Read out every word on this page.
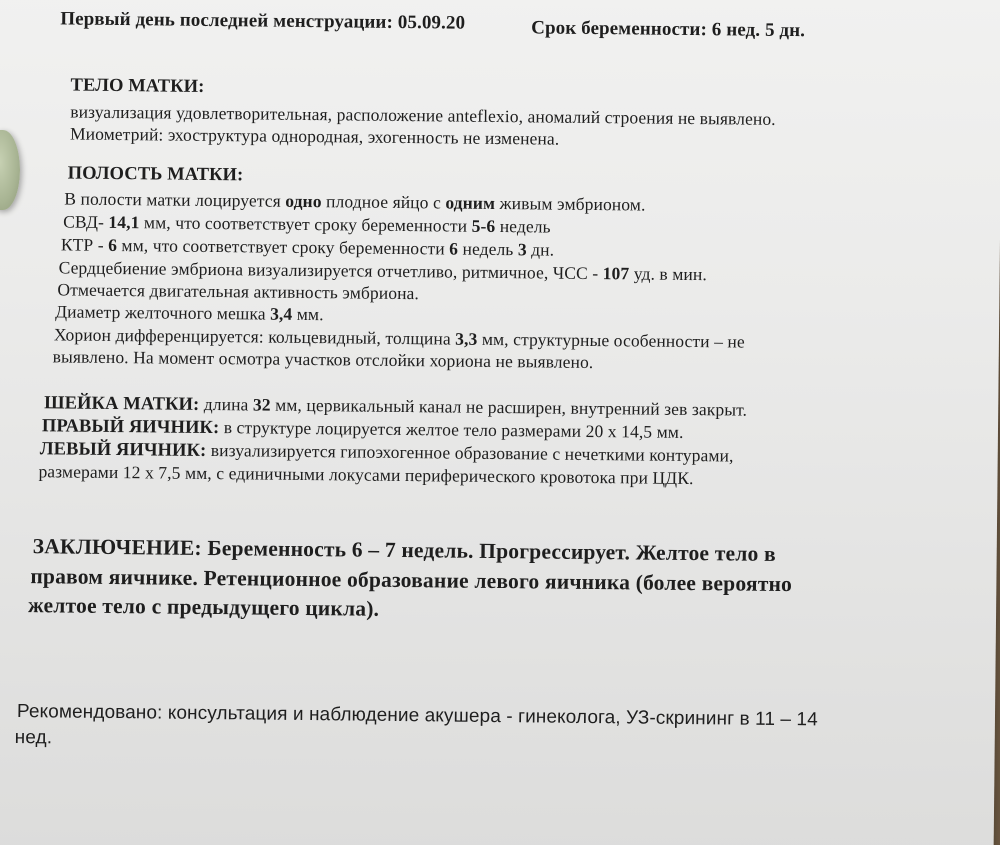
Первый день последней менструации: 05.09.20	Срок беременности: 6 нед. 5 дн.
ТЕЛО МАТКИ:
визуализация удовлетворительная, расположение anteflexio, аномалий строения не выявлено.
Миометрий: эхоструктура однородная, эхогенность не изменена.
ПОЛОСТЬ МАТКИ:
В полости матки лоцируется одно плодное яйцо с одним живым эмбрионом.
СВД- 14,1 мм, что соответствует сроку беременности 5-6 недель
КТР - 6 мм, что соответствует сроку беременности 6 недель 3 дн.
Сердцебиение эмбриона визуализируется отчетливо, ритмичное, ЧСС - 107 уд. в мин.
Отмечается двигательная активность эмбриона.
Диаметр желточного мешка 3,4 мм.
Хорион дифференцируется: кольцевидный, толщина 3,3 мм, структурные особенности – не
выявлено. На момент осмотра участков отслойки хориона не выявлено.
ШЕЙКА МАТКИ: длина 32 мм, цервикальный канал не расширен, внутренний зев закрыт.
ПРАВЫЙ ЯИЧНИК: в структуре лоцируется желтое тело размерами 20 х 14,5 мм.
ЛЕВЫЙ ЯИЧНИК: визуализируется гипоэхогенное образование с нечеткими контурами,
размерами 12 х 7,5 мм, с единичными локусами периферического кровотока при ЦДК.
ЗАКЛЮЧЕНИЕ: Беременность 6 – 7 недель. Прогрессирует. Желтое тело в
правом яичнике. Ретенционное образование левого яичника (более вероятно
желтое тело с предыдущего цикла).
Рекомендовано: консультация и наблюдение акушера - гинеколога, УЗ-скрининг в 11 – 14
нед.
